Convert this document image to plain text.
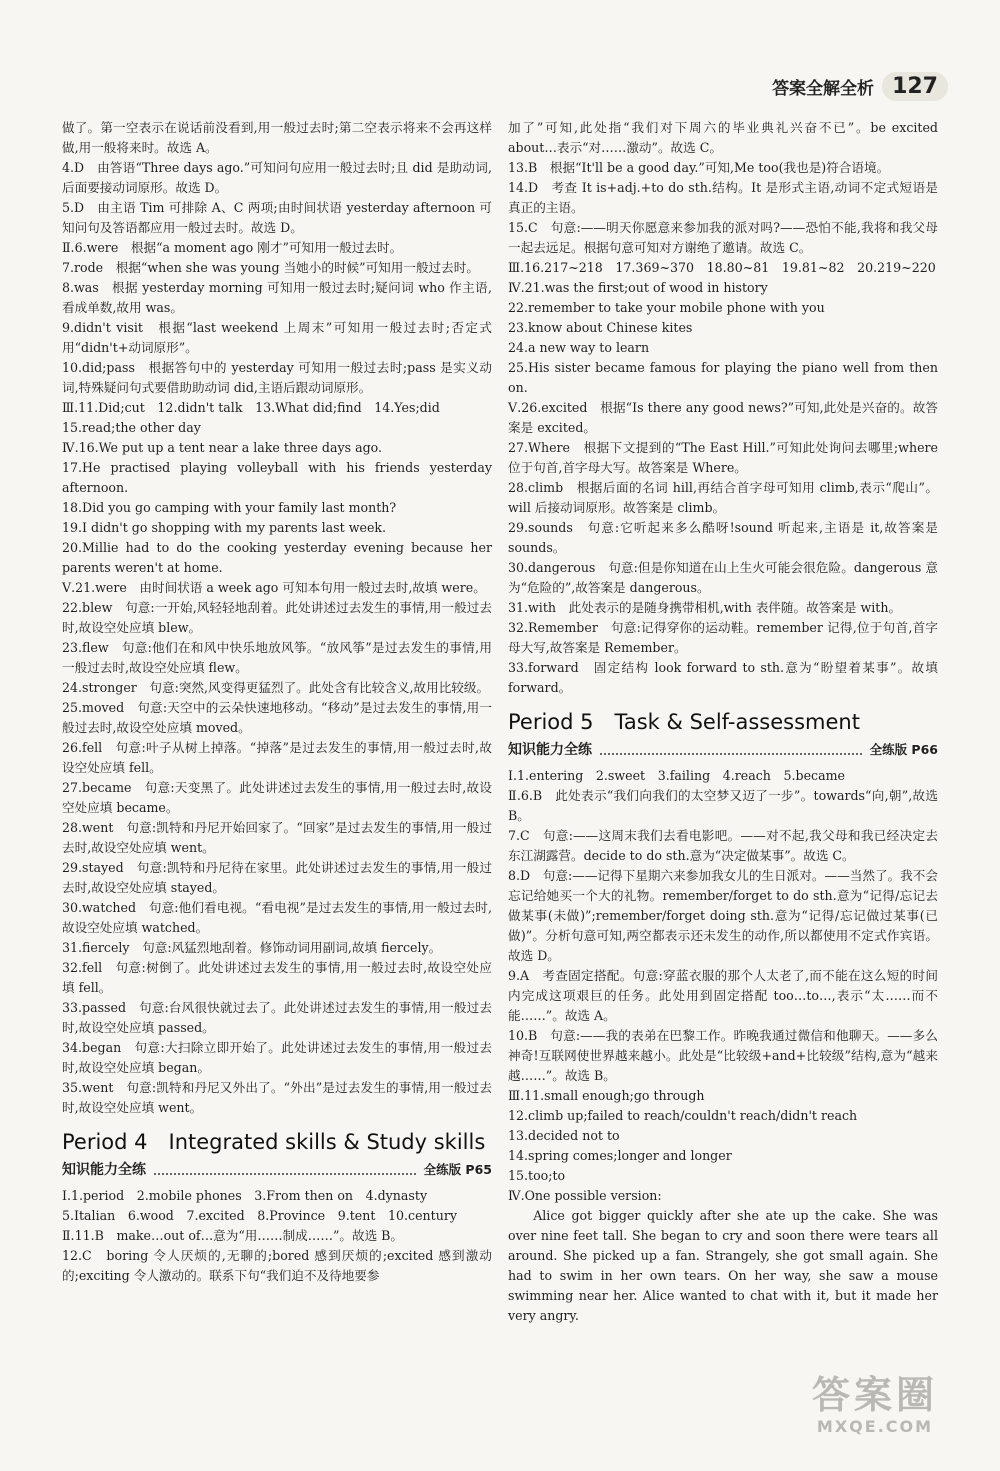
答案全解全析 127

做了。第一空表示在说话前没看到,用一般过去时;第二空表示将来不会再这样做,用一般将来时。故选 A。

4.D　由答语“Three days ago.”可知问句应用一般过去时;且 did 是助动词,后面要接动词原形。故选 D。

5.D　由主语 Tim 可排除 A、C 两项;由时间状语 yesterday afternoon 可知问句及答语都应用一般过去时。故选 D。

Ⅱ.6.were　根据“a moment ago 刚才”可知用一般过去时。

7.rode　根据“when she was young 当她小的时候”可知用一般过去时。

8.was　根据 yesterday morning 可知用一般过去时;疑问词 who 作主语,看成单数,故用 was。

9.didn't visit　根据“last weekend 上周末”可知用一般过去时;否定式用“didn't+动词原形”。

10.did;pass　根据答句中的 yesterday 可知用一般过去时;pass 是实义动词,特殊疑问句式要借助助动词 did,主语后跟动词原形。

Ⅲ.11.Did;cut　12.didn't talk　13.What did;find　14.Yes;did

15.read;the other day

Ⅳ.16.We put up a tent near a lake three days ago.

17.He practised playing volleyball with his friends yesterday afternoon.

18.Did you go camping with your family last month?

19.I didn't go shopping with my parents last week.

20.Millie had to do the cooking yesterday evening because her parents weren't at home.

Ⅴ.21.were　由时间状语 a week ago 可知本句用一般过去时,故填 were。

22.blew　句意:一开始,风轻轻地刮着。此处讲述过去发生的事情,用一般过去时,故设空处应填 blew。

23.flew　句意:他们在和风中快乐地放风筝。“放风筝”是过去发生的事情,用一般过去时,故设空处应填 flew。

24.stronger　句意:突然,风变得更猛烈了。此处含有比较含义,故用比较级。

25.moved　句意:天空中的云朵快速地移动。“移动”是过去发生的事情,用一般过去时,故设空处应填 moved。

26.fell　句意:叶子从树上掉落。“掉落”是过去发生的事情,用一般过去时,故设空处应填 fell。

27.became　句意:天变黑了。此处讲述过去发生的事情,用一般过去时,故设空处应填 became。

28.went　句意:凯特和丹尼开始回家了。“回家”是过去发生的事情,用一般过去时,故设空处应填 went。

29.stayed　句意:凯特和丹尼待在家里。此处讲述过去发生的事情,用一般过去时,故设空处应填 stayed。

30.watched　句意:他们看电视。“看电视”是过去发生的事情,用一般过去时,故设空处应填 watched。

31.fiercely　句意:风猛烈地刮着。修饰动词用副词,故填 fiercely。

32.fell　句意:树倒了。此处讲述过去发生的事情,用一般过去时,故设空处应填 fell。

33.passed　句意:台风很快就过去了。此处讲述过去发生的事情,用一般过去时,故设空处应填 passed。

34.began　句意:大扫除立即开始了。此处讲述过去发生的事情,用一般过去时,故设空处应填 began。

35.went　句意:凯特和丹尼又外出了。“外出”是过去发生的事情,用一般过去时,故设空处应填 went。

Period 4　Integrated skills & Study skills
知识能力全练	全练版 P65

Ⅰ.1.period　2.mobile phones　3.From then on　4.dynasty

5.Italian　6.wood　7.excited　8.Province　9.tent　10.century

Ⅱ.11.B　make…out of…意为“用……制成……”。故选 B。

12.C　boring 令人厌烦的,无聊的;bored 感到厌烦的;excited 感到激动的;exciting 令人激动的。联系下句“我们迫不及待地要参

加了”可知,此处指“我们对下周六的毕业典礼兴奋不已”。be excited about…表示“对……激动”。故选 C。

13.B　根据“It'll be a good day.”可知,Me too(我也是)符合语境。

14.D　考查 It is+adj.+to do sth.结构。It 是形式主语,动词不定式短语是真正的主语。

15.C　句意:——明天你愿意来参加我的派对吗?——恐怕不能,我将和我父母一起去远足。根据句意可知对方谢绝了邀请。故选 C。

Ⅲ.16.217~218　17.369~370　18.80~81　19.81~82　20.219~220

Ⅳ.21.was the first;out of wood in history

22.remember to take your mobile phone with you

23.know about Chinese kites

24.a new way to learn

25.His sister became famous for playing the piano well from then on.

Ⅴ.26.excited　根据“Is there any good news?”可知,此处是兴奋的。故答案是 excited。

27.Where　根据下文提到的“The East Hill.”可知此处询问去哪里;where 位于句首,首字母大写。故答案是 Where。

28.climb　根据后面的名词 hill,再结合首字母可知用 climb,表示“爬山”。will 后接动词原形。故答案是 climb。

29.sounds　句意:它听起来多么酷呀!sound 听起来,主语是 it,故答案是 sounds。

30.dangerous　句意:但是你知道在山上生火可能会很危险。dangerous 意为“危险的”,故答案是 dangerous。

31.with　此处表示的是随身携带相机,with 表伴随。故答案是 with。

32.Remember　句意:记得穿你的运动鞋。remember 记得,位于句首,首字母大写,故答案是 Remember。

33.forward　固定结构 look forward to sth.意为“盼望着某事”。故填 forward。

Period 5　Task & Self-assessment
知识能力全练	全练版 P66

Ⅰ.1.entering　2.sweet　3.failing　4.reach　5.became

Ⅱ.6.B　此处表示“我们向我们的太空梦又迈了一步”。towards“向,朝”,故选 B。

7.C　句意:——这周末我们去看电影吧。——对不起,我父母和我已经决定去东江湖露营。decide to do sth.意为“决定做某事”。故选 C。

8.D　句意:——记得下星期六来参加我女儿的生日派对。——当然了。我不会忘记给她买一个大的礼物。remember/forget to do sth.意为“记得/忘记去做某事(未做)”;remember/forget doing sth.意为“记得/忘记做过某事(已做)”。分析句意可知,两空都表示还未发生的动作,所以都使用不定式作宾语。故选 D。

9.A　考查固定搭配。句意:穿蓝衣服的那个人太老了,而不能在这么短的时间内完成这项艰巨的任务。此处用到固定搭配 too…to…,表示“太……而不能……”。故选 A。

10.B　句意:——我的表弟在巴黎工作。昨晚我通过微信和他聊天。——多么神奇!互联网使世界越来越小。此处是“比较级+and+比较级”结构,意为“越来越……”。故选 B。

Ⅲ.11.small enough;go through

12.climb up;failed to reach/couldn't reach/didn't reach

13.decided not to

14.spring comes;longer and longer

15.too;to

Ⅳ.One possible version:

Alice got bigger quickly after she ate up the cake. She was over nine feet tall. She began to cry and soon there were tears all around. She picked up a fan. Strangely, she got small again. She had to swim in her own tears. On her way, she saw a mouse swimming near her. Alice wanted to chat with it, but it made her very angry.

答案圈
MXQE.COM
